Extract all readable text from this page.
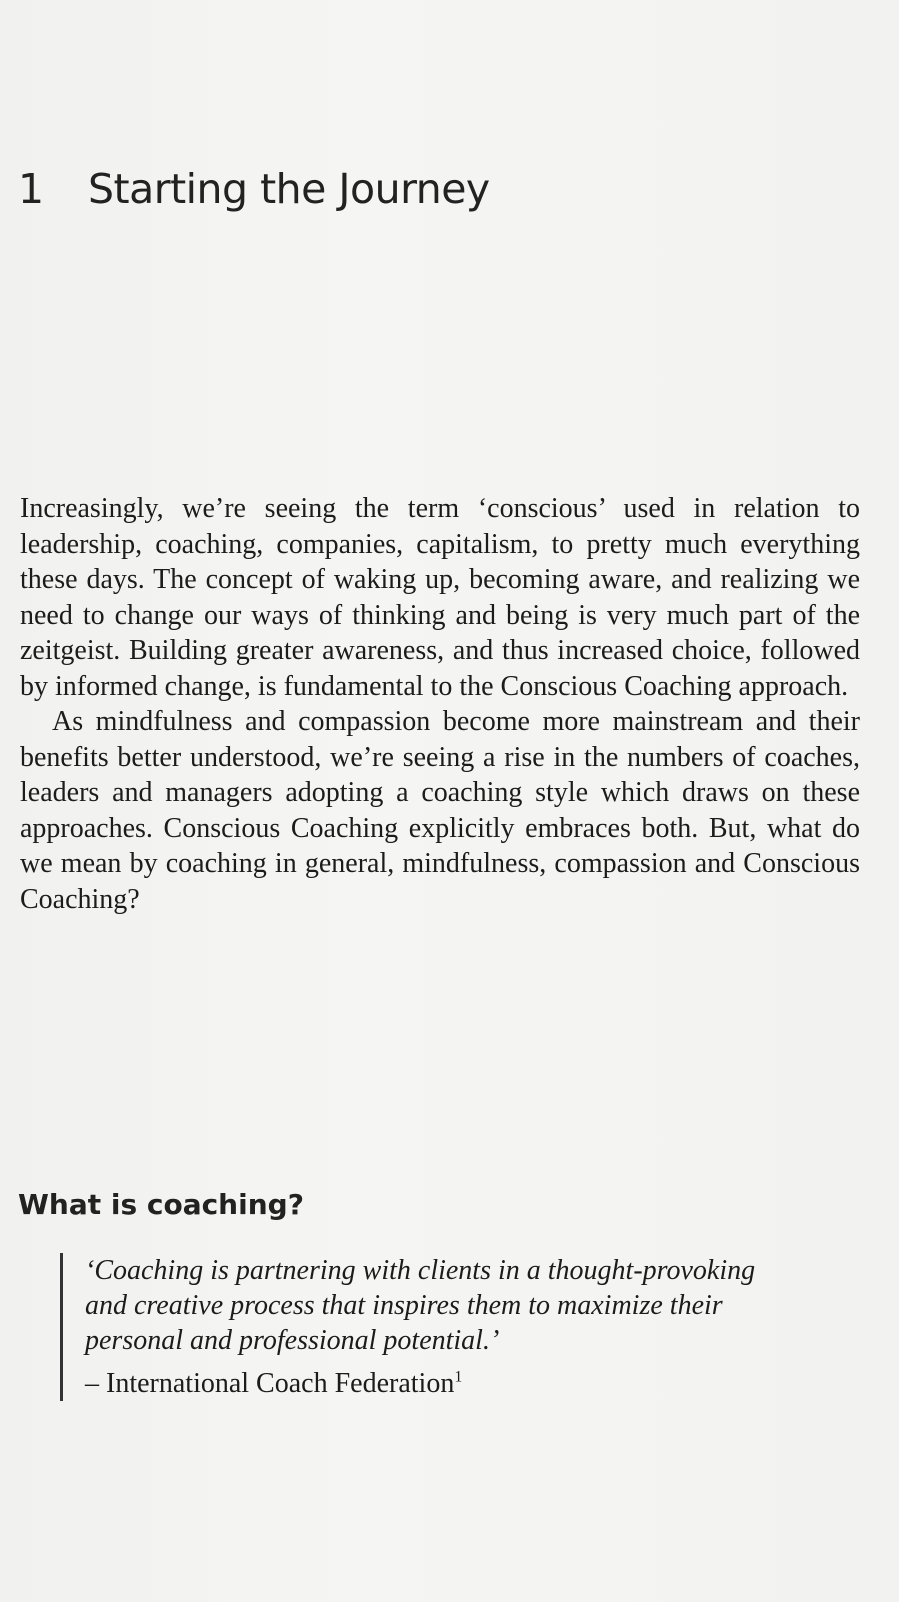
1 Starting the Journey

Increasingly, we’re seeing the term ‘conscious’ used in relation to leadership, coaching, companies, capitalism, to pretty much everything these days. The concept of waking up, becoming aware, and realizing we need to change our ways of thinking and being is very much part of the zeitgeist. Building greater awareness, and thus increased choice, followed by informed change, is fundamental to the Conscious Coaching approach.

As mindfulness and compassion become more mainstream and their benefits better understood, we’re seeing a rise in the numbers of coaches, leaders and managers adopting a coaching style which draws on these approaches. Conscious Coaching explicitly embraces both. But, what do we mean by coaching in general, mindfulness, compassion and Conscious Coaching?

What is coaching?

‘Coaching is partnering with clients in a thought-provoking and creative process that inspires them to maximize their personal and professional potential.’

– International Coach Federation$^1$
